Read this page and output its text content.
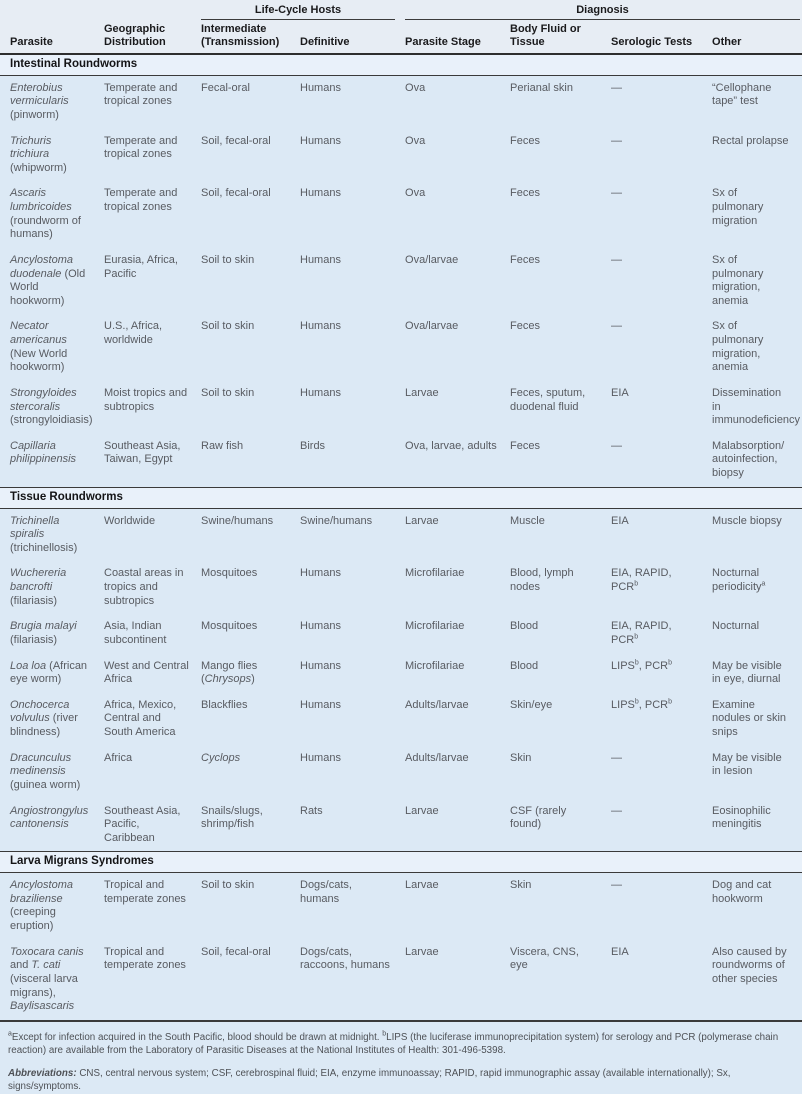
		Life-Cycle Hosts		Diagnosis			

Parasite	Geographic Distribution	Intermediate (Transmission)	Definitive	Parasite Stage	Body Fluid or Tissue	Serologic Tests	Other
Intestinal Roundworms							
Enterobius vermicularis (pinworm)	Temperate and tropical zones	Fecal-oral	Humans	Ova	Perianal skin	—	“Cellophane tape” test
Trichuris trichiura (whipworm)	Temperate and tropical zones	Soil, fecal-oral	Humans	Ova	Feces	—	Rectal prolapse
Ascaris lumbricoides (roundworm of humans)	Temperate and tropical zones	Soil, fecal-oral	Humans	Ova	Feces	—	Sx of pulmonary migration
Ancylostoma duodenale (Old World hookworm)	Eurasia, Africa, Pacific	Soil to skin	Humans	Ova/larvae	Feces	—	Sx of pulmonary migration, anemia
Necator americanus (New World hookworm)	U.S., Africa, worldwide	Soil to skin	Humans	Ova/larvae	Feces	—	Sx of pulmonary migration, anemia
Strongyloides stercoralis (strongyloidiasis)	Moist tropics and subtropics	Soil to skin	Humans	Larvae	Feces, sputum, duodenal fluid	EIA	Dissemination in immunodeficiency
Capillaria philippinensis	Southeast Asia, Taiwan, Egypt	Raw fish	Birds	Ova, larvae, adults	Feces	—	Malabsorption/ autoinfection, biopsy
Tissue Roundworms							
Trichinella spiralis (trichinellosis)	Worldwide	Swine/humans	Swine/humans	Larvae	Muscle	EIA	Muscle biopsy
Wuchereria bancrofti (filariasis)	Coastal areas in tropics and subtropics	Mosquitoes	Humans	Microfilariae	Blood, lymph nodes	EIA, RAPID, PCR$^b$	Nocturnal periodicity$^a$
Brugia malayi (filariasis)	Asia, Indian subcontinent	Mosquitoes	Humans	Microfilariae	Blood	EIA, RAPID, PCR$^b$	Nocturnal
Loa loa (African eye worm)	West and Central Africa	Mango flies (Chrysops)	Humans	Microfilariae	Blood	LIPS$^b$, PCR$^b$	May be visible in eye, diurnal
Onchocerca volvulus (river blindness)	Africa, Mexico, Central and South America	Blackflies	Humans	Adults/larvae	Skin/eye	LIPS$^b$, PCR$^b$	Examine nodules or skin snips
Dracunculus medinensis (guinea worm)	Africa	Cyclops	Humans	Adults/larvae	Skin	—	May be visible in lesion
Angiostrongylus cantonensis	Southeast Asia, Pacific, Caribbean	Snails/slugs, shrimp/fish	Rats	Larvae	CSF (rarely found)	—	Eosinophilic meningitis
Larva Migrans Syndromes							
Ancylostoma braziliense (creeping eruption)	Tropical and temperate zones	Soil to skin	Dogs/cats, humans	Larvae	Skin	—	Dog and cat hookworm
Toxocara canis and T. cati (visceral larva migrans), Baylisascaris	Tropical and temperate zones	Soil, fecal-oral	Dogs/cats, raccoons, humans	Larvae	Viscera, CNS, eye	EIA	Also caused by roundworms of other species

$^a$Except for infection acquired in the South Pacific, blood should be drawn at midnight. $^b$LIPS (the luciferase immunoprecipitation system) for serology and PCR (polymerase chain reaction) are available from the Laboratory of Parasitic Diseases at the National Institutes of Health: 301-496-5398.

Abbreviations: CNS, central nervous system; CSF, cerebrospinal fluid; EIA, enzyme immunoassay; RAPID, rapid immunographic assay (available internationally); Sx, signs/symptoms.
